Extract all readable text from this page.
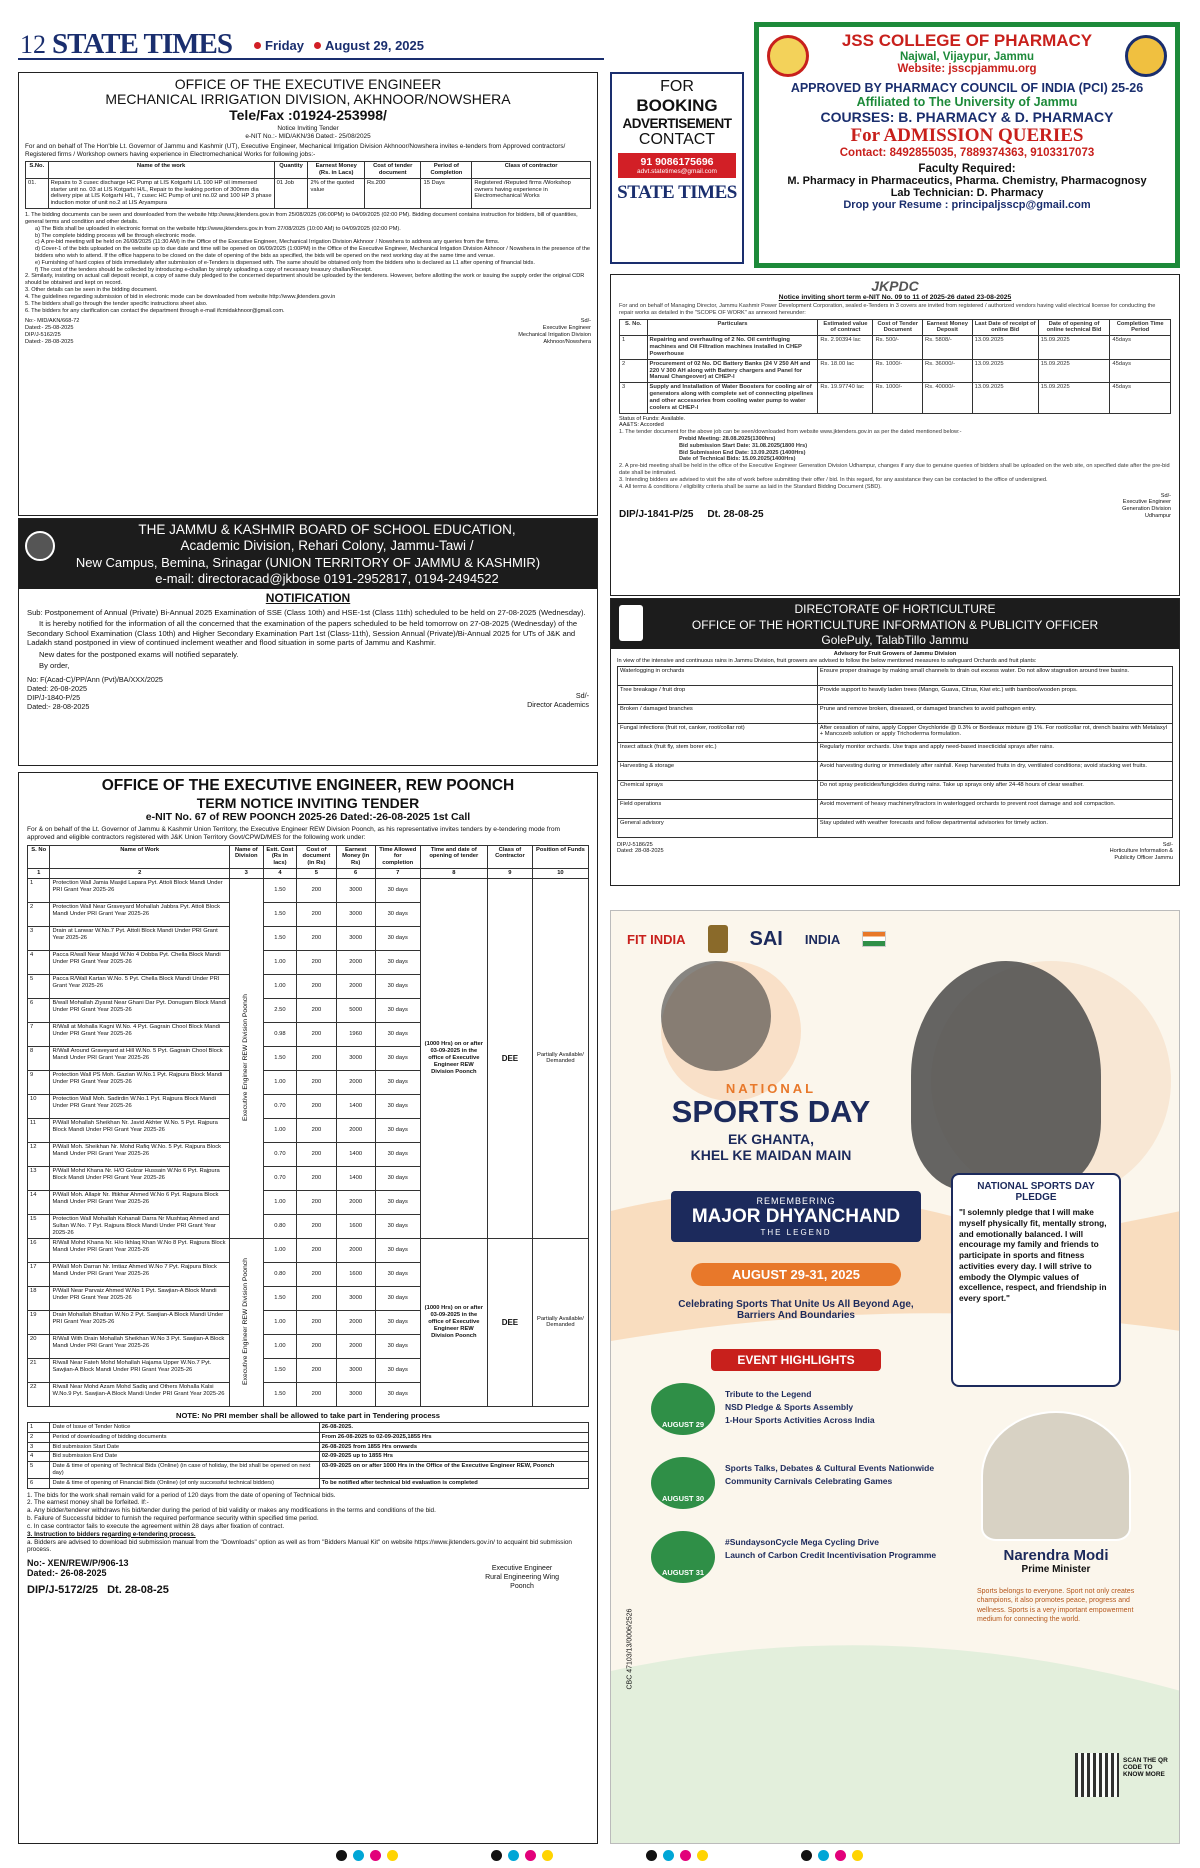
12 STATE TIMES	Friday August 29, 2025
OFFICE OF THE EXECUTIVE ENGINEER
MECHANICAL IRRIGATION DIVISION, AKHNOOR/NOWSHERA
Tele/Fax :01924-253998/
Notice Inviting Tender
e-NIT No.:- MID/AKN/36 Dated:- 25/08/2025
For and on behalf of The Hon'ble Lt. Governor of Jammu and Kashmir (UT), Executive Engineer, Mechanical Irrigation Division Akhnoor/Nowshera invites e-tenders from Approved contractors/ Registered firms / Workshop owners having experience in Electromechanical Works for following jobs:-
S.No.	Name of the work	Quantity	Earnest Money (Rs. in Lacs)	Cost of tender document	Period of Completion	Class of contractor
01.	Repairs to 3 cusec discharge HC Pump at LIS Kotgarhi L/L 100 HP oil immersed starter unit no. 03 at LIS Kotgarhi H/L, Repair to the leaking portion of 300mm dia delivery pipe at LIS Kotgarhi H/L, 7 cusec HC Pump of unit no.02 and 100 HP 3 phase induction motor of unit no.2 at LIS Aryampura	01 Job	2% of the quoted value	Rs.200	15 Days	Registered /Reputed firms /Workshop owners having experience in Electromechanical Works
1. The bidding documents can be seen and downloaded from the website http://www.jktenders.gov.in from 25/08/2025 (06:00PM) to 04/09/2025 (02:00 PM). Bidding document contains instruction for bidders, bill of quantities, general terms and condition and other details.
a) The Bids shall be uploaded in electronic format on the website http://www.jktenders.gov.in from 27/08/2025 (10:00 AM) to 04/09/2025 (02:00 PM).
b) The complete bidding process will be through electronic mode.
c) A pre-bid meeting will be held on 26/08/2025 (11:30 AM) in the Office of the Executive Engineer, Mechanical Irrigation Division Akhnoor / Nowshera to address any queries from the firms.
d) Cover-1 of the bids uploaded on the website up to due date and time will be opened on 06/09/2025 (1:00PM) in the Office of the Executive Engineer, Mechanical Irrigation Division Akhnoor / Nowshera in the presence of the bidders who wish to attend. If the office happens to be closed on the date of opening of the bids as specified, the bids will be opened on the next working day at the same time and venue.
e) Furnishing of hard copies of bids immediately after submission of e-Tenders is dispensed with. The same should be obtained only from the bidders who is declared as L1 after opening of financial bids.
f) The cost of the tenders should be collected by introducing e-challan by simply uploading a copy of necessary treasury challan/Receipt.
2. Similarly, insisting on actual call deposit receipt, a copy of same duly pledged to the concerned department should be uploaded by the tenderers. However, before allotting the work or issuing the supply order the original CDR should be obtained and kept on record.
3. Other details can be seen in the bidding document.
4. The guidelines regarding submission of bid in electronic mode can be downloaded from website http://www.jktenders.gov.in
5. The bidders shall go through the tender specific instructions sheet also.
6. The bidders for any clarification can contact the department through e-mail ifcmidakhnoor@gmail.com.
No:- MID/AKN/668-72
Dated:- 25-08-2025
DIP/J-5162/25
Dated:- 28-08-2025
Sd/-
Executive Engineer
Mechanical Irrigation Division
Akhnoor/Nowshera
THE JAMMU & KASHMIR BOARD OF SCHOOL EDUCATION,
Academic Division, Rehari Colony, Jammu-Tawi /
New Campus, Bemina, Srinagar (UNION TERRITORY OF JAMMU & KASHMIR)
e-mail: directoracad@jkbose 0191-2952817, 0194-2494522
NOTIFICATION
Sub: Postponement of Annual (Private) Bi-Annual 2025 Examination of SSE (Class 10th) and HSE-1st (Class 11th) scheduled to be held on 27-08-2025 (Wednesday).
It is hereby notified for the information of all the concerned that the examination of the papers scheduled to be held tomorrow on 27-08-2025 (Wednesday) of the Secondary School Examination (Class 10th) and Higher Secondary Examination Part 1st (Class-11th), Session Annual (Private)/Bi-Annual 2025 for UTs of J&K and Ladakh stand postponed in view of continued inclement weather and flood situation in some parts of Jammu and Kashmir.
New dates for the postponed exams will notified separately.
By order,
No: F(Acad-C)/PP/Ann (Pvt)/BA/XXX/2025
Dated: 26-08-2025
DIP/J-1840-P/25
Dated:- 28-08-2025
Sd/-
Director Academics
OFFICE OF THE EXECUTIVE ENGINEER, REW POONCH
TERM NOTICE INVITING TENDER
e-NIT No. 67 of REW POONCH 2025-26 Dated:-26-08-2025 1st Call
For & on behalf of the Lt. Governor of Jammu & Kashmir Union Territory, the Executive Engineer REW Division Poonch, as his representative invites tenders by e-tendering mode from approved and eligible contractors registered with J&K Union Territory Govt/CPWD/MES for the following work under:
S. No	Name of Work	Name of Division	Estt. Cost (Rs in lacs)	Cost of document (in Rs)	Earnest Money (in Rs)	Time Allowed for completion	Time and date of opening of tender	Class of Contractor	Position of Funds
1	2	3	4	5	6	7	8	9	10
1	Protection Wall Jamia Masjid Lapara Pyt. Attoli Block Mandi Under PRI Grant Year 2025-26	Executive Engineer REW Division Poonch	1.50	200	3000	30 days	(1000 Hrs) on or after 03-09-2025 in the office of Executive Engineer REW Division Poonch	DEE	Partially Available/ Demanded
2	Protection Wall Near Graveyard Mohallah Jabbra Pyt. Attoli Block Mandi Under PRI Grant Year 2025-26		1.50	200	3000	30 days			
3	Drain at Lanwar W.No.7 Pyt. Attoli Block Mandi Under PRI Grant Year 2025-26		1.50	200	3000	30 days			
4	Pacca R/wall Near Masjid W.No 4 Dobba Pyt. Chella Block Mandi Under PRI Grant Year 2025-26		1.00	200	2000	30 days			
5	Pacca R/Wall Kartan W.No. 5 Pyt. Chella Block Mandi Under PRI Grant Year 2025-26		1.00	200	2000	30 days			
6	B/wall Mohallah Ziyarat Near Ghani Dar Pyt. Donugam Block Mandi Under PRI Grant Year 2025-26		2.50	200	5000	30 days			
7	R/Wall at Mohalla Kagni W.No. 4 Pyt. Gagrain Chool Block Mandi Under PRI Grant Year 2025-26		0.98	200	1960	30 days			
8	R/Wall Around Graveyard at Hill W.No. 5 Pyt. Gagrain Chool Block Mandi Under PRI Grant Year 2025-26		1.50	200	3000	30 days			
9	Protection Wall PS Moh. Gazian W.No.1 Pyt. Rajpura Block Mandi Under PRI Grant Year 2025-26		1.00	200	2000	30 days			
10	Protection Wall Moh. Sadirdin W.No.1 Pyt. Rajpura Block Mandi Under PRI Grant Year 2025-26		0.70	200	1400	30 days			
11	P/Wall Mohallah Sheikhan Nr. Javid Akhter W.No. 5 Pyt. Rajpura Block Mandi Under PRI Grant Year 2025-26		1.00	200	2000	30 days			
12	P/Wall Moh. Sheikhan Nr. Mohd Rafiq W.No. 5 Pyt. Rajpura Block Mandi Under PRI Grant Year 2025-26		0.70	200	1400	30 days			
13	P/Wall Mohd Khana Nr. H/O Gulzar Hussain W.No 6 Pyt. Rajpura Block Mandi Under PRI Grant Year 2025-26		0.70	200	1400	30 days			
14	P/Wall Moh. Allapir Nr. Iftikhar Ahmed W.No 6 Pyt. Rajpura Block Mandi Under PRI Grant Year 2025-26		1.00	200	2000	30 days			
15	Protection Wall Mohallah Kohanali Darra Nr Mushtaq Ahmed and Sultan W.No. 7 Pyt. Rajpura Block Mandi Under PRI Grant Year 2025-26		0.80	200	1600	30 days			
16	R/Wall Mohd Khana Nr. H/o Ikhlaq Khan W.No 8 Pyt. Rajpura Block Mandi Under PRI Grant Year 2025-26	Executive Engineer REW Division Poonch	1.00	200	2000	30 days	(1000 Hrs) on or after 03-09-2025 in the office of Executive Engineer REW Division Poonch	DEE	Partially Available/ Demanded
17	P/Wall Moh Darran Nr. Imtiaz Ahmed W.No 7 Pyt. Rajpura Block Mandi Under PRI Grant Year 2025-26		0.80	200	1600	30 days			
18	P/Wall Near Parvaiz Ahmed W.No 1 Pyt. Sawjian-A Block Mandi Under PRI Grant Year 2025-26		1.50	200	3000	30 days			
19	Drain Mohallah Bhattan W.No 2 Pyt. Sawjian-A Block Mandi Under PRI Grant Year 2025-26		1.00	200	2000	30 days			
20	R/Wall With Drain Mohallah Sheikhan W.No 3 Pyt. Sawjian-A Block Mandi Under PRI Grant Year 2025-26		1.00	200	2000	30 days			
21	R/wall Near Fateh Mohd Mohallah Hajama Upper W.No.7 Pyt. Sawjian-A Block Mandi Under PRI Grant Year 2025-26		1.50	200	3000	30 days			
22	R/wall Near Mohd Azam Mohd Sadiq and Others Mohalla Kalsi W.No.9 Pyt. Sawjian-A Block Mandi Under PRI Grant Year 2025-26		1.50	200	3000	30 days			
NOTE: No PRI member shall be allowed to take part in Tendering process
1	Date of Issue of Tender Notice	26-08-2025.
2	Period of downloading of bidding documents	From 26-08-2025 to 02-09-2025,1855 Hrs
3	Bid submission Start Date	26-08-2025 from 1855 Hrs onwards
4	Bid submission End Date	02-09-2025 up to 1855 Hrs
5	Date & time of opening of Technical Bids (Online) (in case of holiday, the bid shall be opened on next day)	03-09-2025 on or after 1000 Hrs in the Office of the Executive Engineer REW, Poonch
6	Date & time of opening of Financial Bids (Online) (of only successful technical bidders)	To be notified after technical bid evaluation is completed
1. The bids for the work shall remain valid for a period of 120 days from the date of opening of Technical bids.
2. The earnest money shall be forfeited. If:-
a. Any bidder/tenderer withdraws his bid/tender during the period of bid validity or makes any modifications in the terms and conditions of the bid.
b. Failure of Successful bidder to furnish the required performance security within specified time period.
c. In case contractor fails to execute the agreement within 28 days after fixation of contract.
3. Instruction to bidders regarding e-tendering process.
a. Bidders are advised to download bid submission manual from the "Downloads" option as well as from "Bidders Manual Kit" on website https://www.jktenders.gov.in/ to acquaint bid submission process.
No:- XEN/REW/P/906-13
Dated:- 26-08-2025
DIP/J-5172/25   Dt. 28-08-25
Executive Engineer
Rural Engineering Wing
Poonch
FOR
BOOKING
ADVERTISEMENT
CONTACT
91 9086175696
advt.statetimes@gmail.com
STATE TIMES
JSS COLLEGE OF PHARMACY
Najwal, Vijaypur, Jammu
Website: jsscpjammu.org
APPROVED BY PHARMACY COUNCIL OF INDIA (PCI) 25-26
Affiliated to The University of Jammu
COURSES: B. PHARMACY & D. PHARMACY
For ADMISSION QUERIES
Contact: 8492855035, 7889374363, 9103317073
Faculty Required:
M. Pharmacy in Pharmaceutics, Pharma. Chemistry, Pharmacognosy
Lab Technician: D. Pharmacy
Drop your Resume : principaljsscp@gmail.com
JKPDC
Notice inviting short term e-NIT No. 09 to 11 of 2025-26 dated 23-08-2025
For and on behalf of Managing Director, Jammu Kashmir Power Development Corporation, sealed e-Tenders in 3 covers are invited from registered / authorized vendors having valid electrical license for conducting the repair works as detailed in the "SCOPE OF WORK" as annexed hereunder:
S. No.	Particulars	Estimated value of contract	Cost of Tender Document	Earnest Money Deposit	Last Date of receipt of online Bid	Date of opening of online technical Bid	Completion Time Period
1	Repairing and overhauling of 2 No. Oil centrifuging machines and Oil Filtration machines installed in CHEP Powerhouse	Rs. 2.90394 lac	Rs. 500/-	Rs. 5808/-	13.09.2025	15.09.2025	45days
2	Procurement of 02 No. DC Battery Banks (24 V 250 AH and 220 V 300 AH along with Battery chargers and Panel for Manual Changeover) at CHEP-I	Rs. 18.00 lac	Rs. 1000/-	Rs. 36000/-	13.09.2025	15.09.2025	45days
3	Supply and Installation of Water Boosters for cooling air of generators along with complete set of connecting pipelines and other accessories from cooling water pump to water coolers at CHEP-I	Rs. 19.97740 lac	Rs. 1000/-	Rs. 40000/-	13.09.2025	15.09.2025	45days
Status of Funds: Available.
AA&TS: Accorded
1. The tender document for the above job can be seen/downloaded from website www.jktenders.gov.in as per the dated mentioned below:-
Prebid Meeting: 28.08.2025(1300hrs)
Bid submission Start Date: 31.08.2025(1800 Hrs)
Bid Submission End Date: 13.09.2025 (1400Hrs)
Date of Technical Bids: 15.09.2025(1400Hrs)
2. A pre-bid meeting shall be held in the office of the Executive Engineer Generation Division Udhampur, changes if any due to genuine queries of bidders shall be uploaded on the web site, on specified date after the pre-bid date shall be intimated.
3. Intending bidders are advised to visit the site of work before submitting their offer / bid. In this regard, for any assistance they can be contacted to the office of undersigned.
4. All terms & conditions / eligibility criteria shall be same as laid in the Standard Bidding Document (SBD).
DIP/J-1841-P/25     Dt. 28-08-25
Sd/-
Executive Engineer
Generation Division
Udhampur
DIRECTORATE OF HORTICULTURE
OFFICE OF THE HORTICULTURE INFORMATION & PUBLICITY OFFICER
GolePuly, TalabTillo Jammu
Advisory for Fruit Growers of Jammu Division
In view of the intensive and continuous rains in Jammu Division, fruit growers are advised to follow the below mentioned measures to safeguard Orchards and fruit plants:
Waterlogging in orchards	Ensure proper drainage by making small channels to drain out excess water. Do not allow stagnation around tree basins.
Tree breakage / fruit drop	Provide support to heavily laden trees (Mango, Guava, Citrus, Kiwi etc.) with bamboo/wooden props.
Broken / damaged branches	Prune and remove broken, diseased, or damaged branches to avoid pathogen entry.
Fungal infections (fruit rot, canker, root/collar rot)	After cessation of rains, apply Copper Oxychloride @ 0.3% or Bordeaux mixture @ 1%. For root/collar rot, drench basins with Metalaxyl + Mancozeb solution or apply Trichoderma formulation.
Insect attack (fruit fly, stem borer etc.)	Regularly monitor orchards. Use traps and apply need-based insecticidal sprays after rains.
Harvesting & storage	Avoid harvesting during or immediately after rainfall. Keep harvested fruits in dry, ventilated conditions; avoid stacking wet fruits.
Chemical sprays	Do not spray pesticides/fungicides during rains. Take up sprays only after 24-48 hours of clear weather.
Field operations	Avoid movement of heavy machinery/tractors in waterlogged orchards to prevent root damage and soil compaction.
General advisory	Stay updated with weather forecasts and follow departmental advisories for timely action.
DIP/J-5186/25
Dated: 28-08-2025
Sd/-
Horticulture Information &
Publicity Officer Jammu
FIT INDIA	SAI INDIA
NATIONAL
SPORTS DAY
EK GHANTA,
KHEL KE MAIDAN MAIN
REMEMBERING
MAJOR DHYANCHAND
THE LEGEND
AUGUST 29-31, 2025
Celebrating Sports That Unite Us All Beyond Age, Barriers And Boundaries
NATIONAL SPORTS DAY PLEDGE
"I solemnly pledge that I will make myself physically fit, mentally strong, and emotionally balanced. I will encourage my family and friends to participate in sports and fitness activities every day. I will strive to embody the Olympic values of excellence, respect, and friendship in every sport."
EVENT HIGHLIGHTS
AUGUST 29
Tribute to the Legend
NSD Pledge & Sports Assembly
1-Hour Sports Activities Across India
AUGUST 30
Sports Talks, Debates & Cultural Events Nationwide
Community Carnivals Celebrating Games
AUGUST 31
#SundaysonCycle Mega Cycling Drive
Launch of Carbon Credit Incentivisation Programme	Narendra Modi
Prime Minister
Sports belongs to everyone. Sport not only creates champions, it also promotes peace, progress and wellness. Sports is a very important empowerment medium for connecting the world.
CBC 47103/13/0006/2526
SCAN THE QR CODE TO KNOW MORE
